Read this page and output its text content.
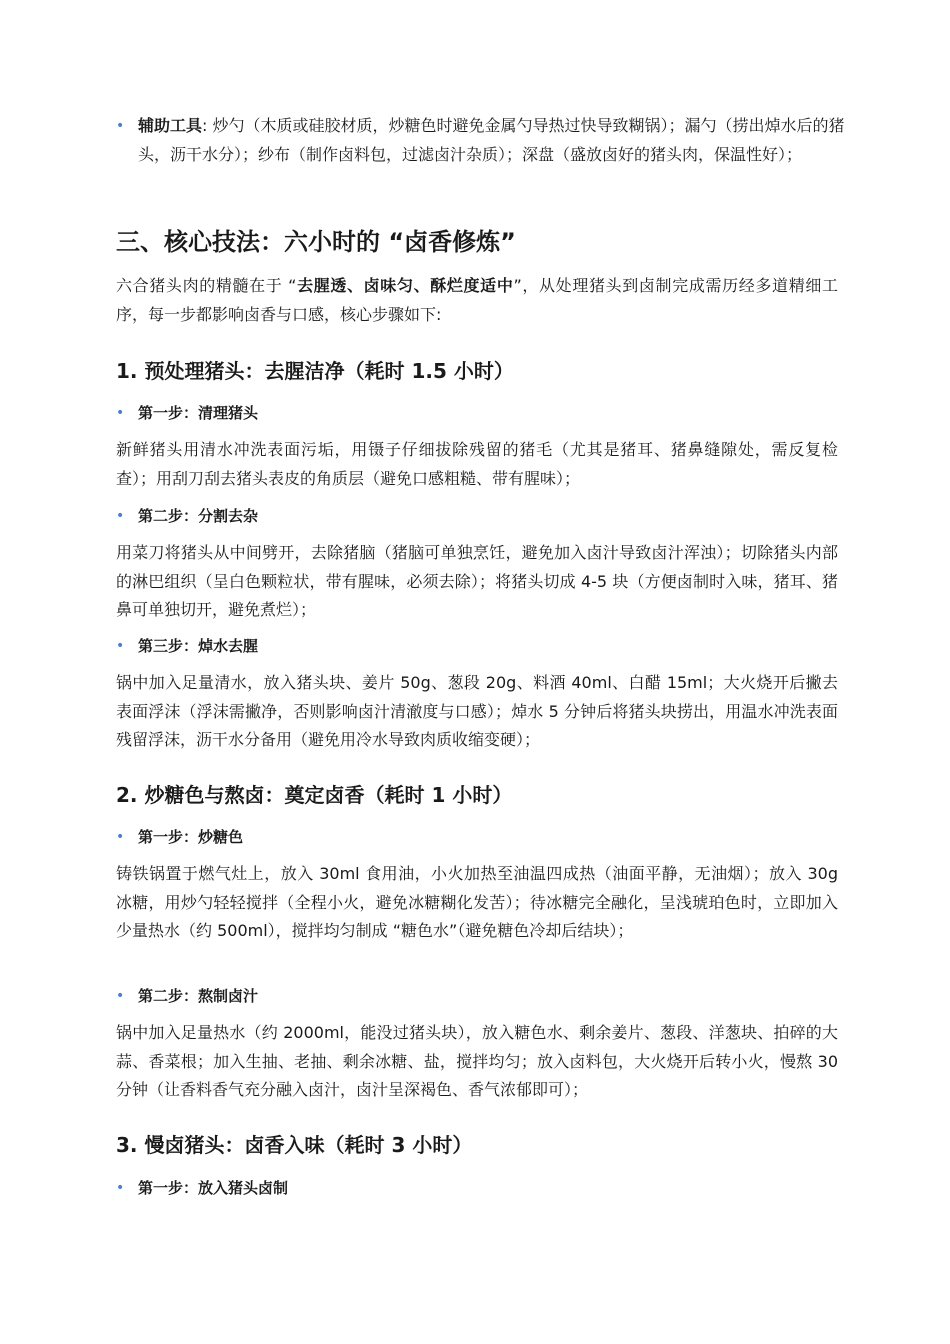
• 辅助工具: 炒勺（木质或硅胶材质，炒糖色时避免金属勺导热过快导致糊锅）；漏勺（捞出焯水后的猪头，沥干水分）；纱布（制作卤料包，过滤卤汁杂质）；深盘（盛放卤好的猪头肉，保温性好）；
三、核心技法：六小时的 “卤香修炼”

六合猪头肉的精髓在于 “去腥透、卤味匀、酥烂度适中”，从处理猪头到卤制完成需历经多道精细工序，每一步都影响卤香与口感，核心步骤如下:

1. 预处理猪头：去腥洁净（耗时 1.5 小时）
• 第一步：清理猪头

新鲜猪头用清水冲洗表面污垢，用镊子仔细拔除残留的猪毛（尤其是猪耳、猪鼻缝隙处，需反复检查）；用刮刀刮去猪头表皮的角质层（避免口感粗糙、带有腥味）；

• 第二步：分割去杂

用菜刀将猪头从中间劈开，去除猪脑（猪脑可单独烹饪，避免加入卤汁导致卤汁浑浊）；切除猪头内部的淋巴组织（呈白色颗粒状，带有腥味，必须去除）；将猪头切成 4-5 块（方便卤制时入味，猪耳、猪鼻可单独切开，避免煮烂）；

• 第三步：焯水去腥

锅中加入足量清水，放入猪头块、姜片 50g、葱段 20g、料酒 40ml、白醋 15ml；大火烧开后撇去表面浮沫（浮沫需撇净，否则影响卤汁清澈度与口感）；焯水 5 分钟后将猪头块捞出，用温水冲洗表面残留浮沫，沥干水分备用（避免用冷水导致肉质收缩变硬）；

2. 炒糖色与熬卤：奠定卤香（耗时 1 小时）
• 第一步：炒糖色

铸铁锅置于燃气灶上，放入 30ml 食用油，小火加热至油温四成热（油面平静，无油烟）；放入 30g 冰糖，用炒勺轻轻搅拌（全程小火，避免冰糖糊化发苦）；待冰糖完全融化，呈浅琥珀色时，立即加入少量热水（约 500ml），搅拌均匀制成 “糖色水”（避免糖色冷却后结块）；

• 第二步：熬制卤汁

锅中加入足量热水（约 2000ml，能没过猪头块），放入糖色水、剩余姜片、葱段、洋葱块、拍碎的大蒜、香菜根；加入生抽、老抽、剩余冰糖、盐，搅拌均匀；放入卤料包，大火烧开后转小火，慢熬 30 分钟（让香料香气充分融入卤汁，卤汁呈深褐色、香气浓郁即可）；

3. 慢卤猪头：卤香入味（耗时 3 小时）
• 第一步：放入猪头卤制
